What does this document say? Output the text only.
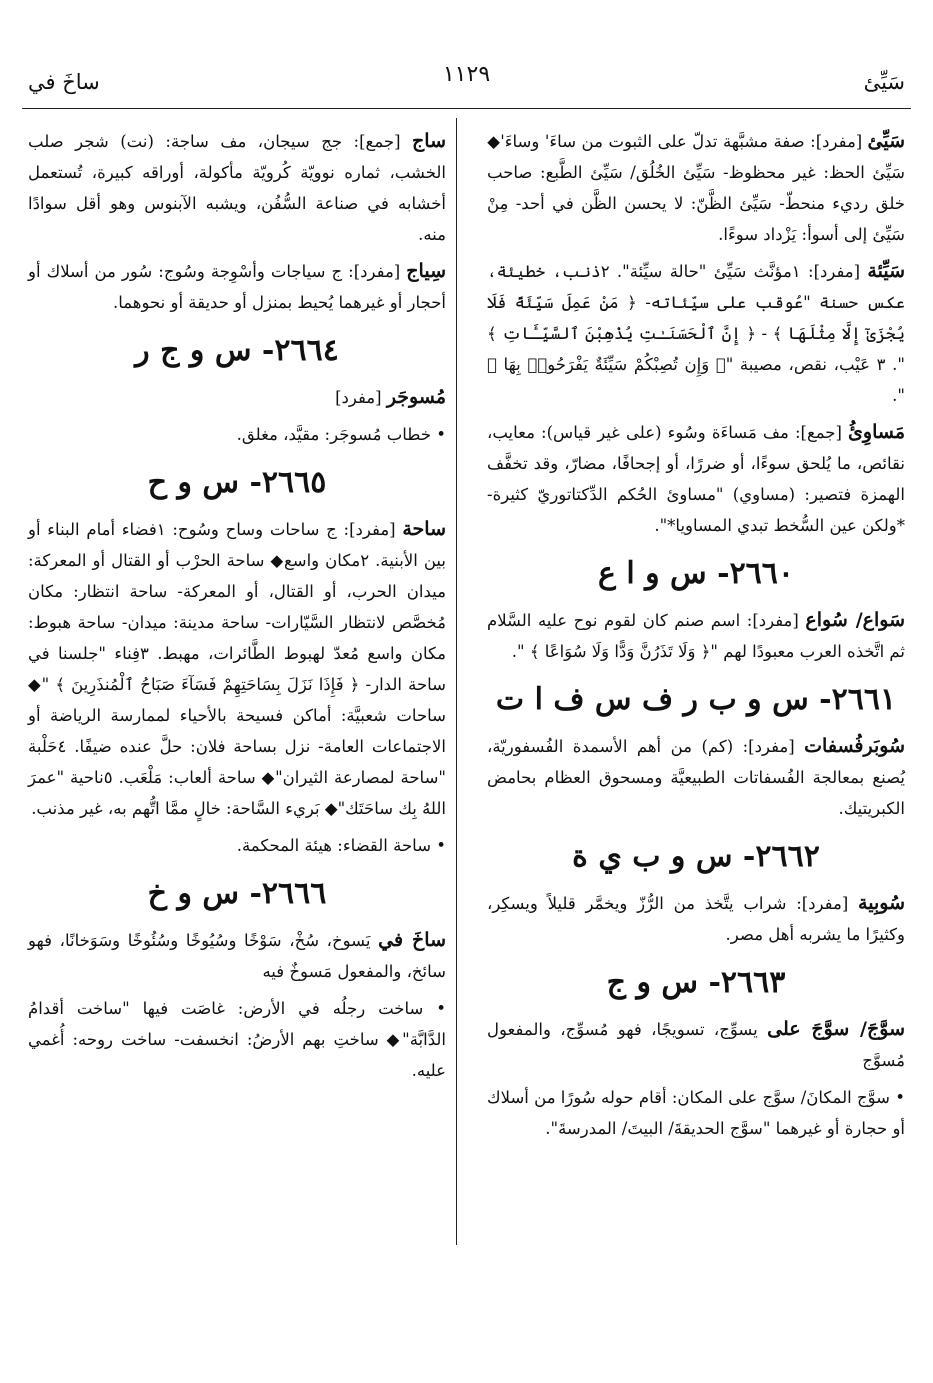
سَيِّئ
١١٢٩
ساخَ في

سَيِّئ [مفرد]: صفة مشبَّهة تدلّ على الثبوت من ساءَ' وساءَ'◆ سَيِّئ الحظ: غير محظوظ- سَيِّئ الخُلُق/ سَيِّئ الطَّبع: صاحب خلق رديء منحطّ- سَيِّئ الظَّنّ: لا يحسن الظَّن في أحد- مِنْ سَيِّئ إلى أسوأ: يَزْداد سوءًا.

سَيِّئة [مفرد]: ١مؤنَّث سَيِّئ "حالة سيِّئة". ٢ذنب، خطيئة، عكس حسنة "عُوقب على سيِّئاته- ﴿ مَنْ عَمِلَ سَيِّئَةً فَلَا يُجْزَىٰٓ إِلَّا مِثْلَهَا ﴾ - ﴿ إِنَّ ٱلْحَسَنَـٰتِ يُذْهِبْنَ ٱلسَّيِّـَٔاتِ ﴾ ". ٣ عَيْب، نقص، مصيبة "﴿ وَإِن تُصِبْكُمْ سَيِّئَةٌ يَفْرَحُوا۟ بِهَا ﴾ ".

مَساوِئُ [جمع]: مف مَساءَة وسُوء (على غير قياس): معايب، نقائص، ما يُلحق سوءًا، أو ضررًا، أو إجحافًا، مضارّ، وقد تخفَّف الهمزة فتصير: (مساوي) "مساوئ الحُكم الدِّكتاتوريّ كثيرة- *ولكن عين السُّخط تبدي المساويا*".

٢٦٦٠- س و ا ع

سَواع/ سُواع [مفرد]: اسم صنم كان لقوم نوح عليه السَّلام ثم اتَّخذه العرب معبودًا لهم "﴿ وَلَا تَذَرُنَّ وَدًّا وَلَا سُوَاعًا ﴾ ".

٢٦٦١- س و ب ر ف س ف ا ت

سُوبَرفُسفات [مفرد]: (كم) من أهم الأسمدة الفُسفوريّة، يُصنع بمعالجة الفُسفاتات الطبيعيَّة ومسحوق العظام بحامض الكبريتيك.

٢٦٦٢- س و ب ي ة

سُوبِية [مفرد]: شراب يتَّخذ من الرُّزّ ويخمَّر قليلاً ويسكِر، وكثيرًا ما يشربه أهل مصر.

٢٦٦٣- س و ج

سوَّجَ/ سوَّجَ على يسوِّج، تسويجًا، فهو مُسوِّج، والمفعول مُسوَّج

• سوَّج المكانَ/ سوَّج على المكان: أقام حوله سُورًا من أسلاك أو حجارة أو غيرهما "سوَّج الحديقةَ/ البيتَ/ المدرسةَ".

ساج [جمع]: جج سيجان، مف ساجة: (نت) شجر صلب الخشب، ثماره نوويّة كُرويّة مأكولة، أوراقه كبيرة، تُستعمل أخشابه في صناعة السُّفُن، ويشبه الآبنوس وهو أقل سوادًا منه.

سِياج [مفرد]: ج سياجات وأسْوِجة وسُوج: سُور من أسلاك أو أحجار أو غيرهما يُحيط بمنزل أو حديقة أو نحوهما.

٢٦٦٤- س و ج ر

مُسوجَر [مفرد]

• خطاب مُسوجَر: مقيَّد، مغلق.

٢٦٦٥- س و ح

ساحة [مفرد]: ج ساحات وساح وسُوح: ١فضاء أمام البناء أو بين الأبنية. ٢مكان واسع◆ ساحة الحرْب أو القتال أو المعركة: ميدان الحرب، أو القتال، أو المعركة- ساحة انتظار: مكان مُخصَّص لانتظار السَّيّارات- ساحة مدينة: ميدان- ساحة هبوط: مكان واسع مُعدّ لهبوط الطَّائرات، مهبط. ٣فِناء "جلسنا في ساحة الدار- ﴿ فَإِذَا نَزَلَ بِسَاحَتِهِمْ فَسَآءَ صَبَاحُ ٱلْمُنذَرِينَ ﴾ "◆ ساحات شعبيَّة: أماكن فسيحة بالأحياء لممارسة الرياضة أو الاجتماعات العامة- نزل بساحة فلان: حلَّ عنده ضيفًا. ٤حَلْبة "ساحة لمصارعة الثيران"◆ ساحة ألعاب: مَلْعَب. ٥ناحية "عمرَ اللهُ بِك ساحَتَك"◆ بَريء السَّاحة: خالٍ ممَّا اتُّهم به، غير مذنب.

• ساحة القضاء: هيئة المحكمة.

٢٦٦٦- س و خ

ساخَ في يَسوخ، سُخْ، سَوْخًا وسُيُوخًا وسُئُوخًا وسَوَخانًا، فهو سائخ، والمفعول مَسوخٌ فيه

• ساخت رجلُه في الأرض: غاصَت فيها "ساخت أقدامُ الدَّابَّة"◆ ساختِ بهم الأرضُ: انخسفت- ساخت روحه: أُغمي عليه.
